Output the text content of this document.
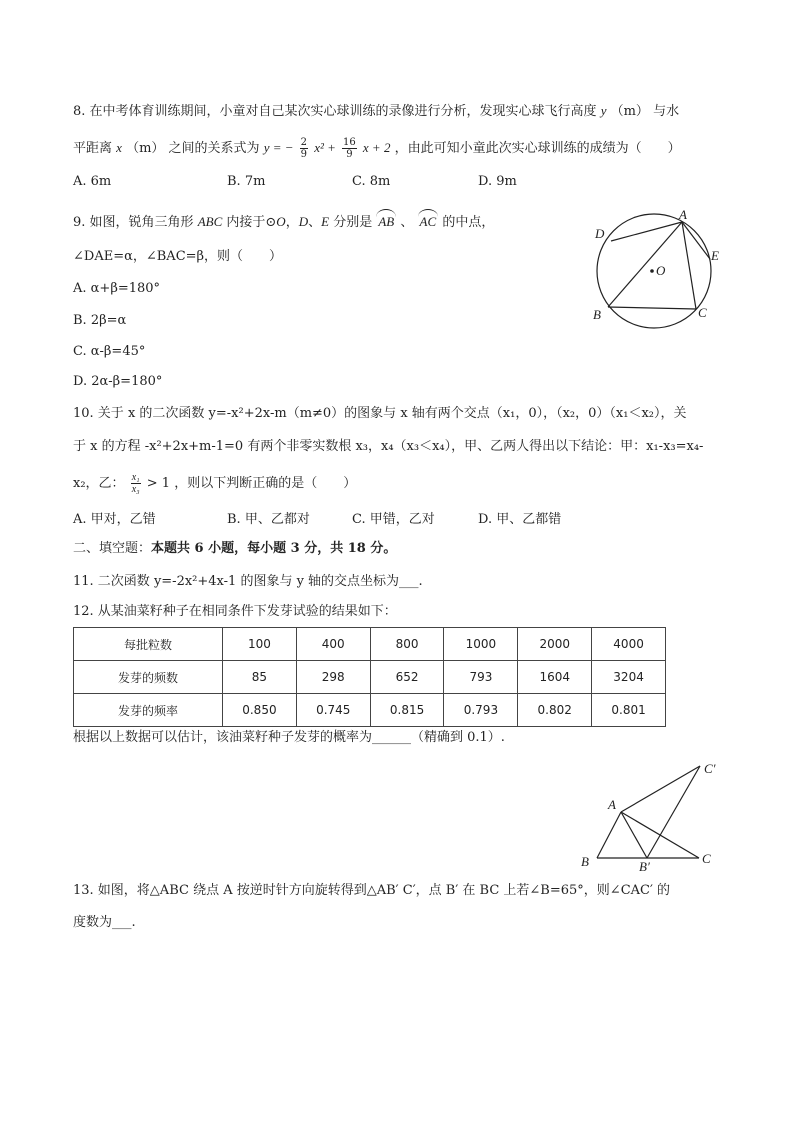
8. 在中考体育训练期间，小童对自己某次实心球训练的录像进行分析，发现实心球飞行高度 y （m） 与水
平距离 x （m） 之间的关系式为 y = − $\frac{2}{9} x^2 + \frac{16}{9}$ x + 2 ，由此可知小童此次实心球训练的成绩为（　　）
A. 6m	B. 7m	C. 8m	D. 9m
9. 如图，锐角三角形 ABC 内接于⊙O，D、E 分别是 AB 、 AC 的中点，
∠DAE=α，∠BAC=β，则（　　）
A. α+β=180°
B. 2β=α
C. α-β=45°
D. 2α-β=180°
A
D
E
O
B	C
10. 关于 x 的二次函数 y=-x²+2x-m（m≠0）的图象与 x 轴有两个交点（x₁，0），（x₂，0）（x₁＜x₂），关
于 x 的方程 -x²+2x+m-1=0 有两个非零实数根 x₃，x₄（x₃＜x₄），甲、乙两人得出以下结论：甲：x₁-x₃=x₄-
x₂，乙： $\frac{\text{x₁}}{\text{x₃}} > 1$ ，则以下判断正确的是（　　）
A. 甲对，乙错	B. 甲、乙都对	C. 甲错，乙对	D. 甲、乙都错
二、填空题：本题共 6 小题，每小题 3 分，共 18 分。
11. 二次函数 y=-2x²+4x-1 的图象与 y 轴的交点坐标为___.
12. 从某油菜籽种子在相同条件下发芽试验的结果如下：
每批粒数	100	400	800	1000	2000	4000
发芽的频数	85	298	652	793	1604	3204
发芽的频率	0.850	0.745	0.815	0.793	0.802	0.801
根据以上数据可以估计，该油菜籽种子发芽的概率为______（精确到 0.1）.
A
B	C
B′
C′
13. 如图，将△ABC 绕点 A 按逆时针方向旋转得到△AB′ C′，点 B′ 在 BC 上若∠B=65°，则∠CAC′ 的
度数为___.
